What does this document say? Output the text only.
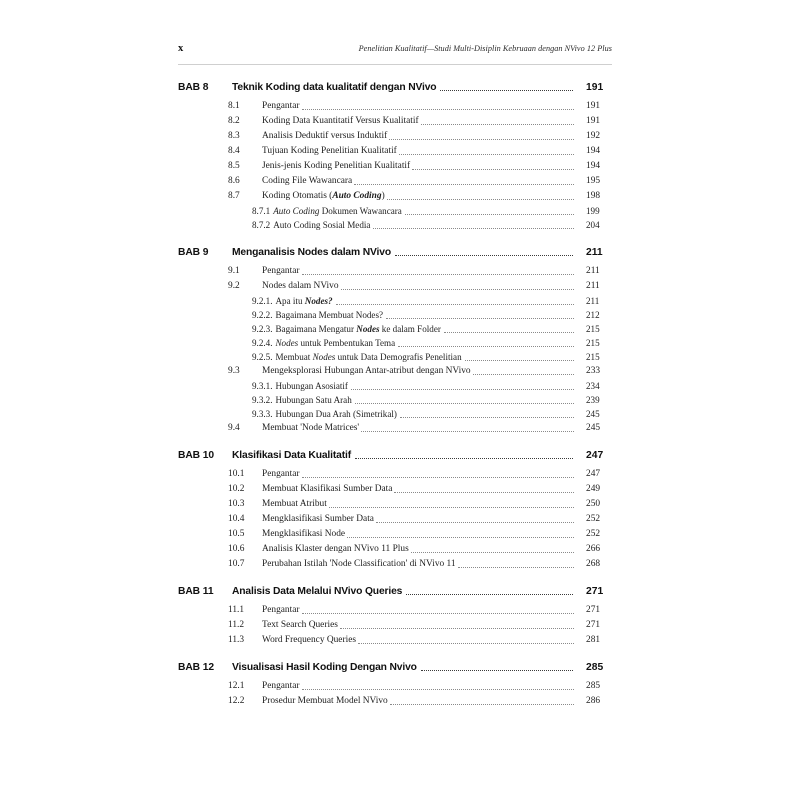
x	Penelitian Kualitatif—Studi Multi-Disiplin Kebruaan dengan NVivo 12 Plus
BAB 8	Teknik Koding data kualitatif dengan NVivo	191
8.1	Pengantar	191
8.2	Koding Data Kuantitatif Versus Kualitatif	191
8.3	Analisis Deduktif versus Induktif	192
8.4	Tujuan Koding Penelitian Kualitatif	194
8.5	Jenis-jenis Koding Penelitian Kualitatif	194
8.6	Coding File Wawancara	195
8.7	Koding Otomatis (Auto Coding)	198
8.7.1 Auto Coding Dokumen Wawancara	199
8.7.2 Auto Coding Sosial Media	204
BAB 9	Menganalisis Nodes dalam NVivo	211
9.1	Pengantar	211
9.2	Nodes dalam NVivo	211
9.2.1. Apa itu Nodes?	211
9.2.2. Bagaimana Membuat Nodes?	212
9.2.3. Bagaimana Mengatur Nodes ke dalam Folder	215
9.2.4. Nodes untuk Pembentukan Tema	215
9.2.5. Membuat Nodes untuk Data Demografis Penelitian	215
9.3	Mengeksplorasi Hubungan Antar-atribut dengan NVivo	233
9.3.1. Hubungan Asosiatif	234
9.3.2. Hubungan Satu Arah	239
9.3.3. Hubungan Dua Arah (Simetrikal)	245
9.4	Membuat 'Node Matrices'	245
BAB 10	Klasifikasi Data Kualitatif	247
10.1	Pengantar	247
10.2	Membuat Klasifikasi Sumber Data	249
10.3	Membuat Atribut	250
10.4	Mengklasifikasi Sumber Data	252
10.5	Mengklasifikasi Node	252
10.6	Analisis Klaster dengan NVivo 11 Plus	266
10.7	Perubahan Istilah 'Node Classification' di NVivo 11	268
BAB 11	Analisis Data Melalui NVivo Queries	271
11.1	Pengantar	271
11.2	Text Search Queries	271
11.3	Word Frequency Queries	281
BAB 12	Visualisasi Hasil Koding Dengan Nvivo	285
12.1	Pengantar	285
12.2	Prosedur Membuat Model NVivo	286
